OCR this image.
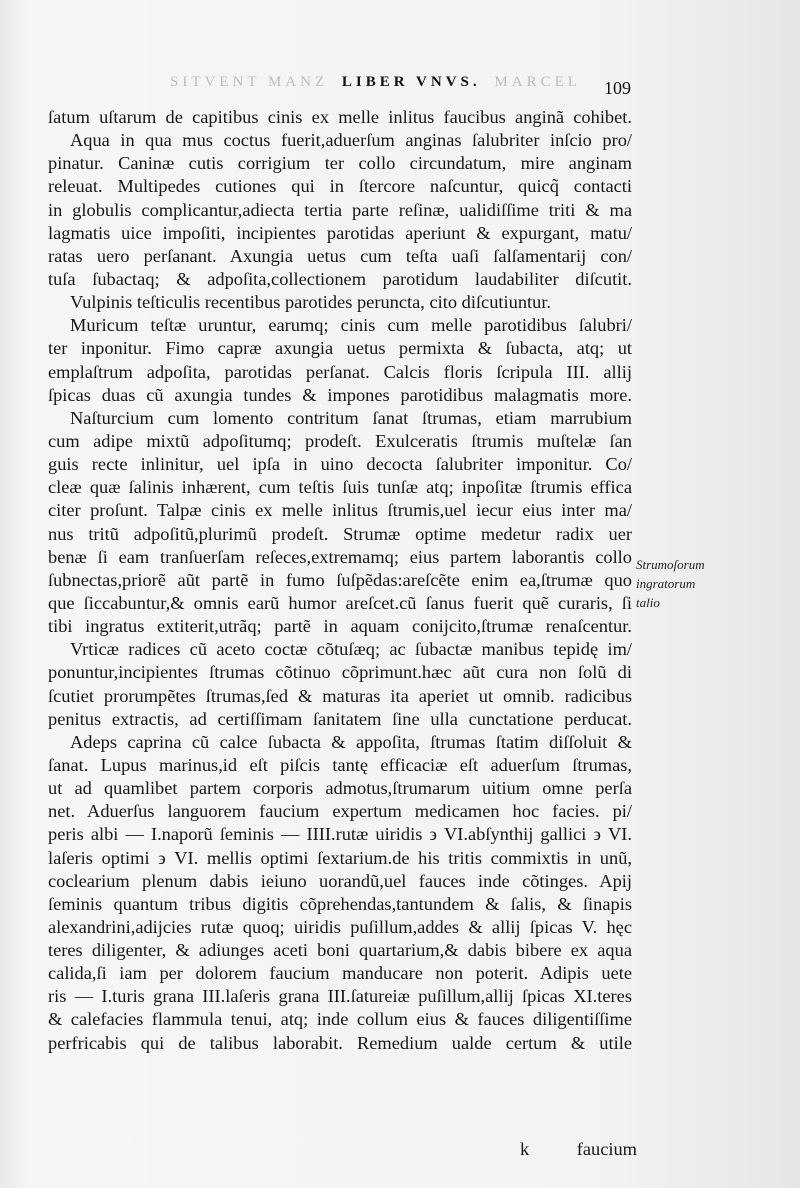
SITVENT MANZ LIBER VNVS. MARCEL	109
ſatum uſtarum de capitibus cinis ex melle inlitus faucibus anginã cohibet.
Aqua in qua mus coctus fuerit,aduerſum anginas ſalubriter inſcio pro/
pinatur. Caninæ cutis corrigium ter collo circundatum, mire anginam
releuat. Multipedes cutiones qui in ſtercore naſcuntur, quicq̃ contacti
in globulis complicantur,adiecta tertia parte reſinæ, ualidiſſime triti & ma
lagmatis uice impoſiti, incipientes parotidas aperiunt & expurgant, matu/
ratas uero perſanant. Axungia uetus cum teſta uaſi ſalſamentarij con/
tuſa ſubactaq; & adpoſita,collectionem parotidum laudabiliter diſcutit.
Vulpinis teſticulis recentibus parotides peruncta, cito diſcutiuntur.
Muricum teſtæ uruntur, earumq; cinis cum melle parotidibus ſalubri/
ter inponitur. Fimo capræ axungia uetus permixta & ſubacta, atq; ut
emplaſtrum adpoſita, parotidas perſanat. Calcis floris ſcripula III. allij
ſpicas duas cũ axungia tundes & impones parotidibus malagmatis more.
Naſturcium cum lomento contritum ſanat ſtrumas, etiam marrubium
cum adipe mixtũ adpoſitumq; prodeſt. Exulceratis ſtrumis muſtelæ ſan
guis recte inlinitur, uel ipſa in uino decocta ſalubriter imponitur. Co/
cleæ quæ ſalinis inhærent, cum teſtis ſuis tunſæ atq; inpoſitæ ſtrumis effica
citer proſunt. Talpæ cinis ex melle inlitus ſtrumis,uel iecur eius inter ma/
nus tritũ adpoſitũ,plurimũ prodeſt. Strumæ optime medetur radix uer
benæ ſi eam tranſuerſam reſeces,extremamq; eius partem laborantis collo
ſubnectas,priorẽ aũt partẽ in fumo ſuſpẽdas:areſcẽte enim ea,ſtrumæ quo
que ſiccabuntur,& omnis earũ humor areſcet.cũ ſanus fuerit quẽ curaris, ſi
tibi ingratus extiterit,utrãq; partẽ in aquam conijcito,ſtrumæ renaſcentur.
Vrticæ radices cũ aceto coctæ cõtuſæq; ac ſubactæ manibus tepidę im/
ponuntur,incipientes ſtrumas cõtinuo cõprimunt.hæc aũt cura non ſolũ di
ſcutiet prorumpẽtes ſtrumas,ſed & maturas ita aperiet ut omnib. radicibus
penitus extractis, ad certiſſimam ſanitatem ſine ulla cunctatione perducat.
Adeps caprina cũ calce ſubacta & appoſita, ſtrumas ſtatim diſſoluit &
ſanat. Lupus marinus,id eſt piſcis tantę efficaciæ eſt aduerſum ſtrumas,
ut ad quamlibet partem corporis admotus,ſtrumarum uitium omne perſa
net. Aduerſus languorem faucium expertum medicamen hoc facies. pi/
peris albi — I.naporũ ſeminis — IIII.rutæ uiridis ϶ VI.abſynthij gallici ϶ VI.
laſeris optimi ϶ VI. mellis optimi ſextarium.de his tritis commixtis in unũ,
coclearium plenum dabis ieiuno uorandũ,uel fauces inde cõtinges. Apij
ſeminis quantum tribus digitis cõprehendas,tantundem & ſalis, & ſinapis
alexandrini,adijcies rutæ quoq; uiridis puſillum,addes & allij ſpicas V. hęc
teres diligenter, & adiunges aceti boni quartarium,& dabis bibere ex aqua
calida,ſi iam per dolorem faucium manducare non poterit. Adipis uete
ris — I.turis grana III.laſeris grana III.ſatureiæ puſillum,allij ſpicas XI.teres
& calefacies flammula tenui, atq; inde collum eius & fauces diligentiſſime
perfricabis qui de talibus laborabit. Remedium ualde certum & utile
Strumoſorum
ingratorum
talio
k	faucium
